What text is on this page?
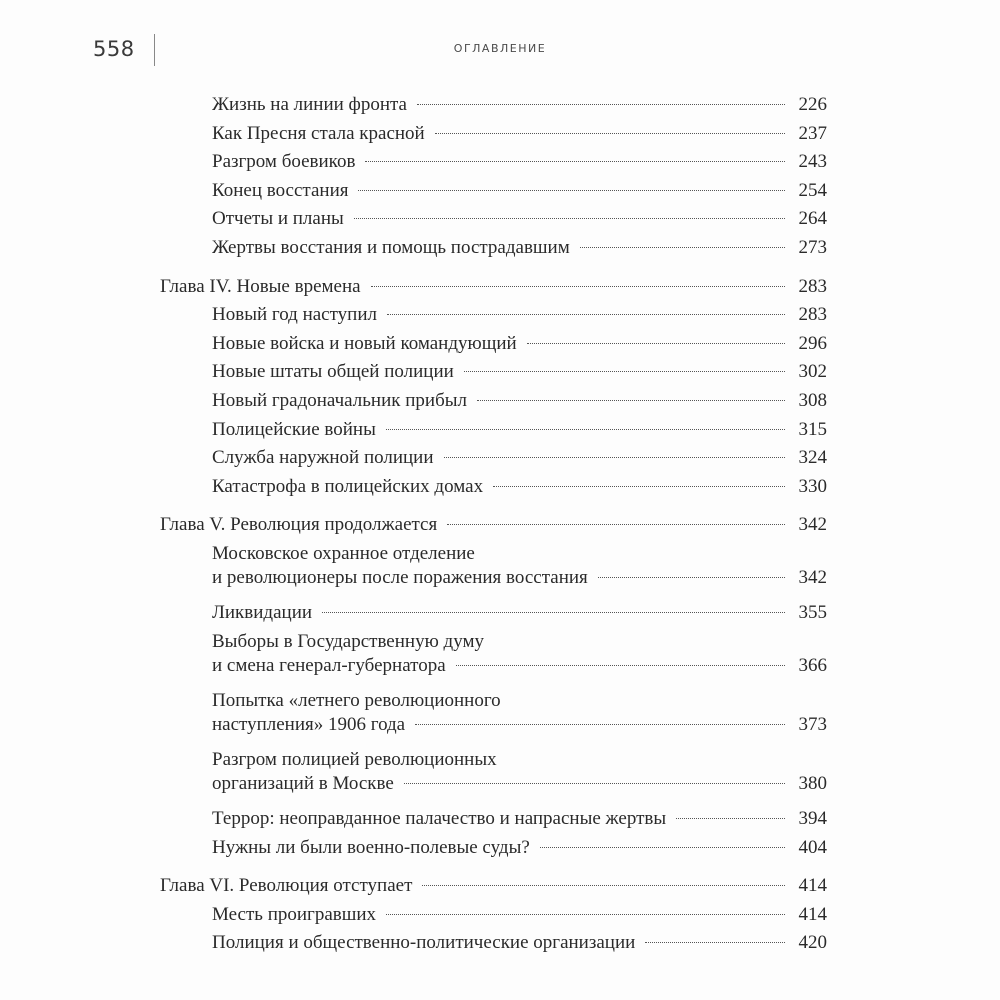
558	ОГЛАВЛЕНИЕ
Жизнь на линии фронта	226
Как Пресня стала красной	237
Разгром боевиков	243
Конец восстания	254
Отчеты и планы	264
Жертвы восстания и помощь пострадавшим	273
Глава IV. Новые времена	283
Новый год наступил	283
Новые войска и новый командующий	296
Новые штаты общей полиции	302
Новый градоначальник прибыл	308
Полицейские войны	315
Служба наружной полиции	324
Катастрофа в полицейских домах	330
Глава V. Революция продолжается	342
Московское охранное отделение
и революционеры после поражения восстания	342
Ликвидации	355
Выборы в Государственную думу
и смена генерал-губернатора	366
Попытка «летнего революционного
наступления» 1906 года	373
Разгром полицией революционных
организаций в Москве	380
Террор: неоправданное палачество и напрасные жертвы	394
Нужны ли были военно-полевые суды?	404
Глава VI. Революция отступает	414
Месть проигравших	414
Полиция и общественно-политические организации	420
